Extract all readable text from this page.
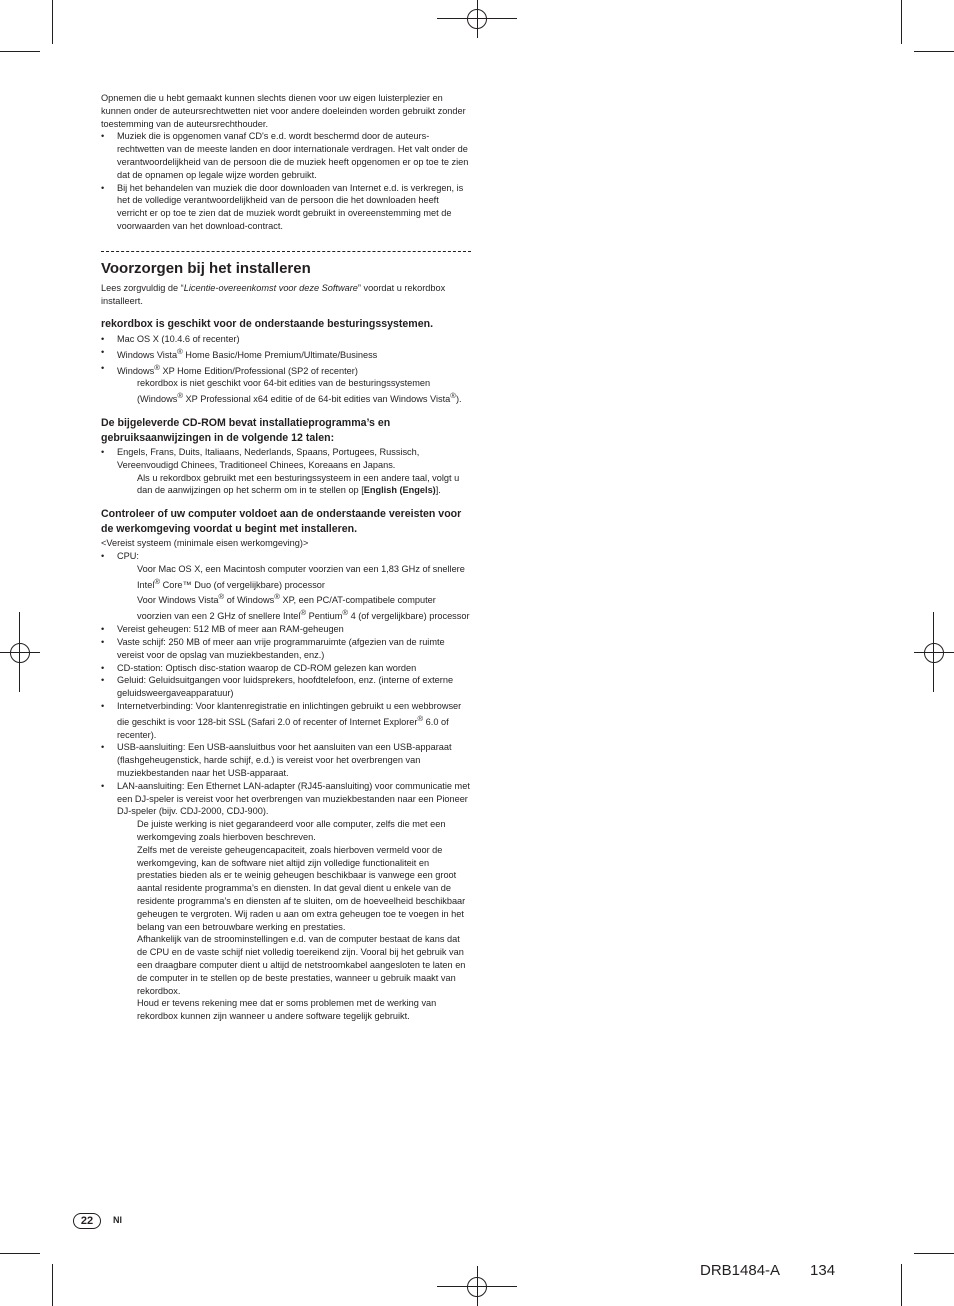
Opnemen die u hebt gemaakt kunnen slechts dienen voor uw eigen luisterplezier en kunnen onder de auteursrechtwetten niet voor andere doeleinden worden gebruikt zonder toestemming van de auteursrechthouder.

• Muziek die is opgenomen vanaf CD's e.d. wordt beschermd door de auteursrechtwetten van de meeste landen en door internationale verdragen. Het valt onder de verantwoordelijkheid van de persoon die de muziek heeft opgenomen er op toe te zien dat de opnamen op legale wijze worden gebruikt.

• Bij het behandelen van muziek die door downloaden van Internet e.d. is verkregen, is het de volledige verantwoordelijkheid van de persoon die het downloaden heeft verricht er op toe te zien dat de muziek wordt gebruikt in overeenstemming met de voorwaarden van het download-contract.

Voorzorgen bij het installeren

Lees zorgvuldig de “Licentie-overeenkomst voor deze Software” voordat u rekordbox installeert.

rekordbox is geschikt voor de onderstaande besturingssystemen.

• Mac OS X (10.4.6 of recenter)

• Windows Vista® Home Basic/Home Premium/Ultimate/Business

• Windows® XP Home Edition/Professional (SP2 of recenter)

rekordbox is niet geschikt voor 64-bit edities van de besturingssystemen (Windows® XP Professional x64 editie of de 64-bit edities van Windows Vista®).

De bijgeleverde CD-ROM bevat installatieprogramma’s en gebruiksaanwijzingen in de volgende 12 talen:

• Engels, Frans, Duits, Italiaans, Nederlands, Spaans, Portugees, Russisch, Vereenvoudigd Chinees, Traditioneel Chinees, Koreaans en Japans.

Als u rekordbox gebruikt met een besturingssysteem in een andere taal, volgt u dan de aanwijzingen op het scherm om in te stellen op [English (Engels)].

Controleer of uw computer voldoet aan de onderstaande vereisten voor de werkomgeving voordat u begint met installeren.

<Vereist systeem (minimale eisen werkomgeving)>

• CPU:

Voor Mac OS X, een Macintosh computer voorzien van een 1,83 GHz of snellere Intel® Core™ Duo (of vergelijkbare) processor

Voor Windows Vista® of Windows® XP, een PC/AT-compatibele computer voorzien van een 2 GHz of snellere Intel® Pentium® 4 (of vergelijkbare) processor

• Vereist geheugen: 512 MB of meer aan RAM-geheugen

• Vaste schijf: 250 MB of meer aan vrije programmaruimte (afgezien van de ruimte vereist voor de opslag van muziekbestanden, enz.)

• CD-station: Optisch disc-station waarop de CD-ROM gelezen kan worden

• Geluid: Geluidsuitgangen voor luidsprekers, hoofdtelefoon, enz. (interne of externe geluidsweergaveapparatuur)

• Internetverbinding: Voor klantenregistratie en inlichtingen gebruikt u een webbrowser die geschikt is voor 128-bit SSL (Safari 2.0 of recenter of Internet Explorer® 6.0 of recenter).

• USB-aansluiting: Een USB-aansluitbus voor het aansluiten van een USB-apparaat (flashgeheugenstick, harde schijf, e.d.) is vereist voor het overbrengen van muziekbestanden naar het USB-apparaat.

• LAN-aansluiting: Een Ethernet LAN-adapter (RJ45-aansluiting) voor communicatie met een DJ-speler is vereist voor het overbrengen van muziekbestanden naar een Pioneer DJ-speler (bijv. CDJ-2000, CDJ-900).

De juiste werking is niet gegarandeerd voor alle computer, zelfs die met een werkomgeving zoals hierboven beschreven.

Zelfs met de vereiste geheugencapaciteit, zoals hierboven vermeld voor de werkomgeving, kan de software niet altijd zijn volledige functionaliteit en prestaties bieden als er te weinig geheugen beschikbaar is vanwege een groot aantal residente programma’s en diensten. In dat geval dient u enkele van de residente programma’s en diensten af te sluiten, om de hoeveelheid beschikbaar geheugen te vergroten. Wij raden u aan om extra geheugen toe te voegen in het belang van een betrouwbare werking en prestaties.

Afhankelijk van de stroominstellingen e.d. van de computer bestaat de kans dat de CPU en de vaste schijf niet volledig toereikend zijn. Vooral bij het gebruik van een draagbare computer dient u altijd de netstroomkabel aangesloten te laten en de computer in te stellen op de beste prestaties, wanneer u gebruik maakt van rekordbox.

Houd er tevens rekening mee dat er soms problemen met de werking van rekordbox kunnen zijn wanneer u andere software tegelijk gebruikt.

22	Nl
DRB1484-A  134
